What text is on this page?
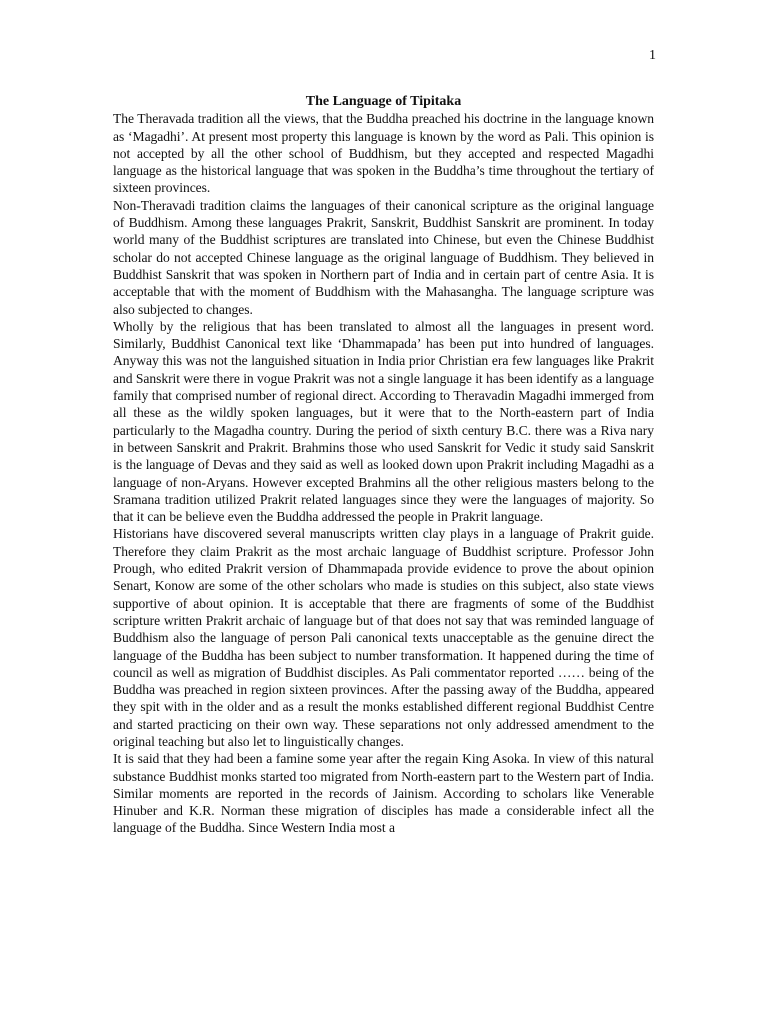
1
The Language of Tipitaka

The Theravada tradition all the views, that the Buddha preached his doctrine in the language known as ‘Magadhi’. At present most property this language is known by the word as Pali. This opinion is not accepted by all the other school of Buddhism, but they accepted and respected Magadhi language as the historical language that was spoken in the Buddha’s time throughout the tertiary of sixteen provinces.

Non-Theravadi tradition claims the languages of their canonical scripture as the original language of Buddhism. Among these languages Prakrit, Sanskrit, Buddhist Sanskrit are prominent. In today world many of the Buddhist scriptures are translated into Chinese, but even the Chinese Buddhist scholar do not accepted Chinese language as the original language of Buddhism. They believed in Buddhist Sanskrit that was spoken in Northern part of India and in certain part of centre Asia. It is acceptable that with the moment of Buddhism with the Mahasangha. The language scripture was also subjected to changes.

Wholly by the religious that has been translated to almost all the languages in present word. Similarly, Buddhist Canonical text like ‘Dhammapada’ has been put into hundred of languages. Anyway this was not the languished situation in India prior Christian era few languages like Prakrit and Sanskrit were there in vogue Prakrit was not a single language it has been identify as a language family that comprised number of regional direct. According to Theravadin Magadhi immerged from all these as the wildly spoken languages, but it were that to the North-eastern part of India particularly to the Magadha country. During the period of sixth century B.C. there was a Riva nary in between Sanskrit and Prakrit. Brahmins those who used Sanskrit for Vedic it study said Sanskrit is the language of Devas and they said as well as looked down upon Prakrit including Magadhi as a language of non-Aryans. However excepted Brahmins all the other religious masters belong to the Sramana tradition utilized Prakrit related languages since they were the languages of majority. So that it can be believe even the Buddha addressed the people in Prakrit language.

Historians have discovered several manuscripts written clay plays in a language of Prakrit guide. Therefore they claim Prakrit as the most archaic language of Buddhist scripture. Professor John Prough, who edited Prakrit version of Dhammapada provide evidence to prove the about opinion Senart, Konow are some of the other scholars who made is studies on this subject, also state views supportive of about opinion. It is acceptable that there are fragments of some of the Buddhist scripture written Prakrit archaic of language but of that does not say that was reminded language of Buddhism also the language of person Pali canonical texts unacceptable as the genuine direct the language of the Buddha has been subject to number transformation. It happened during the time of council as well as migration of Buddhist disciples. As Pali commentator reported …… being of the Buddha was preached in region sixteen provinces. After the passing away of the Buddha, appeared they spit with in the older and as a result the monks established different regional Buddhist Centre and started practicing on their own way. These separations not only addressed amendment to the original teaching but also let to linguistically changes.

It is said that they had been a famine some year after the regain King Asoka. In view of this natural substance Buddhist monks started too migrated from North-eastern part to the Western part of India. Similar moments are reported in the records of Jainism. According to scholars like Venerable Hinuber and K.R. Norman these migration of disciples has made a considerable infect all the language of the Buddha. Since Western India most a
